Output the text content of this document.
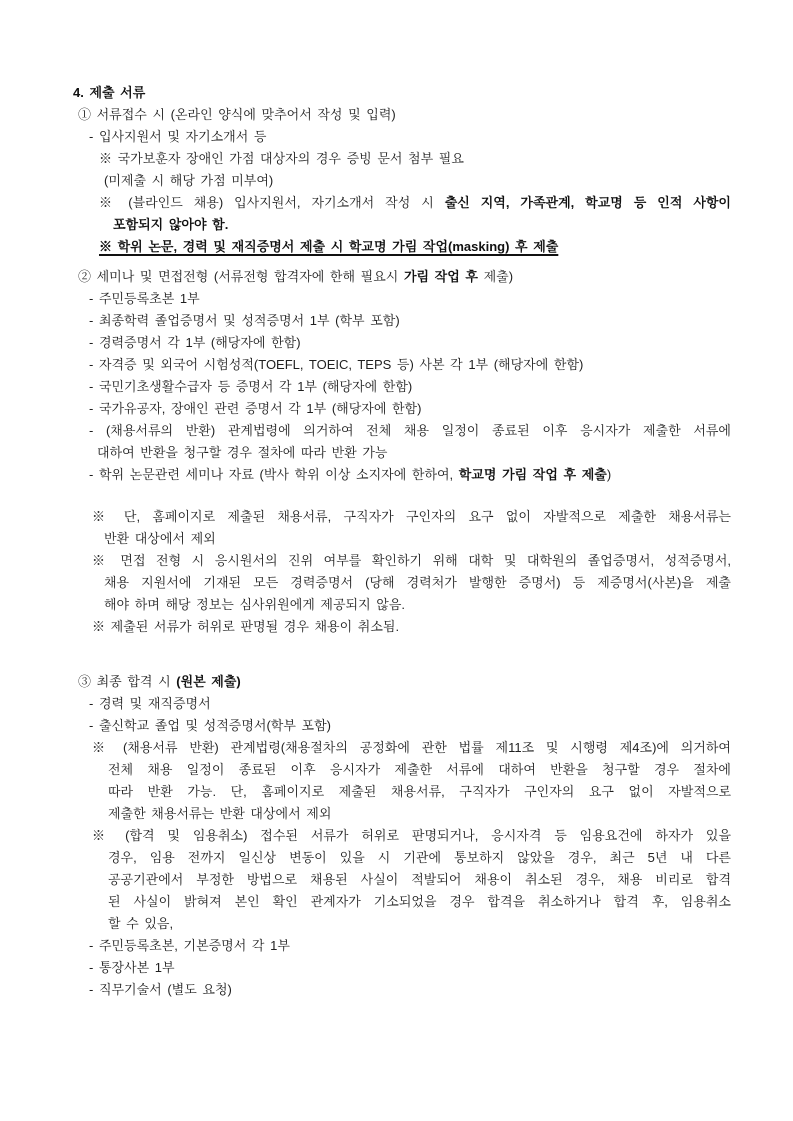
4. 제출 서류
① 서류접수 시 (온라인 양식에 맞추어서 작성 및 입력)
- 입사지원서 및 자기소개서 등
※ 국가보훈자 장애인 가점 대상자의 경우 증빙 문서 첨부 필요
(미제출 시 해당 가점 미부여)
※ (블라인드 채용) 입사지원서, 자기소개서 작성 시 출신 지역, 가족관계, 학교명 등 인적 사항이
포함되지 않아야 함.
※ 학위 논문, 경력 및 재직증명서 제출 시 학교명 가림 작업(masking) 후 제출
② 세미나 및 면접전형 (서류전형 합격자에 한해 필요시 가림 작업 후 제출)
- 주민등록초본 1부
- 최종학력 졸업증명서 및 성적증명서 1부 (학부 포함)
- 경력증명서 각 1부 (해당자에 한함)
- 자격증 및 외국어 시험성적(TOEFL, TOEIC, TEPS 등) 사본 각 1부 (해당자에 한함)
- 국민기초생활수급자 등 증명서 각 1부 (해당자에 한함)
- 국가유공자, 장애인 관련 증명서 각 1부 (해당자에 한함)
- (채용서류의 반환) 관계법령에 의거하여 전체 채용 일정이 종료된 이후 응시자가 제출한 서류에
대하여 반환을 청구할 경우 절차에 따라 반환 가능
- 학위 논문관련 세미나 자료 (박사 학위 이상 소지자에 한하여, 학교명 가림 작업 후 제출)
※ 단, 홈페이지로 제출된 채용서류, 구직자가 구인자의 요구 없이 자발적으로 제출한 채용서류는
반환 대상에서 제외
※ 면접 전형 시 응시원서의 진위 여부를 확인하기 위해 대학 및 대학원의 졸업증명서, 성적증명서,
채용 지원서에 기재된 모든 경력증명서 (당해 경력처가 발행한 증명서) 등 제증명서(사본)을 제출
해야 하며 해당 정보는 심사위원에게 제공되지 않음.
※ 제출된 서류가 허위로 판명될 경우 채용이 취소됨.
③ 최종 합격 시 (원본 제출)
- 경력 및 재직증명서
- 출신학교 졸업 및 성적증명서(학부 포함)
※ (채용서류 반환) 관계법령(채용절차의 공정화에 관한 법률 제11조 및 시행령 제4조)에 의거하여
전체 채용 일정이 종료된 이후 응시자가 제출한 서류에 대하여 반환을 청구할 경우 절차에
따라 반환 가능. 단, 홈페이지로 제출된 채용서류, 구직자가 구인자의 요구 없이 자발적으로
제출한 채용서류는 반환 대상에서 제외
※ (합격 및 임용취소) 접수된 서류가 허위로 판명되거나, 응시자격 등 임용요건에 하자가 있을
경우, 임용 전까지 일신상 변동이 있을 시 기관에 통보하지 않았을 경우, 최근 5년 내 다른
공공기관에서 부정한 방법으로 채용된 사실이 적발되어 채용이 취소된 경우, 채용 비리로 합격
된 사실이 밝혀져 본인 확인 관계자가 기소되었을 경우 합격을 취소하거나 합격 후, 임용취소
할 수 있음,
- 주민등록초본, 기본증명서 각 1부
- 통장사본 1부
- 직무기술서 (별도 요청)
